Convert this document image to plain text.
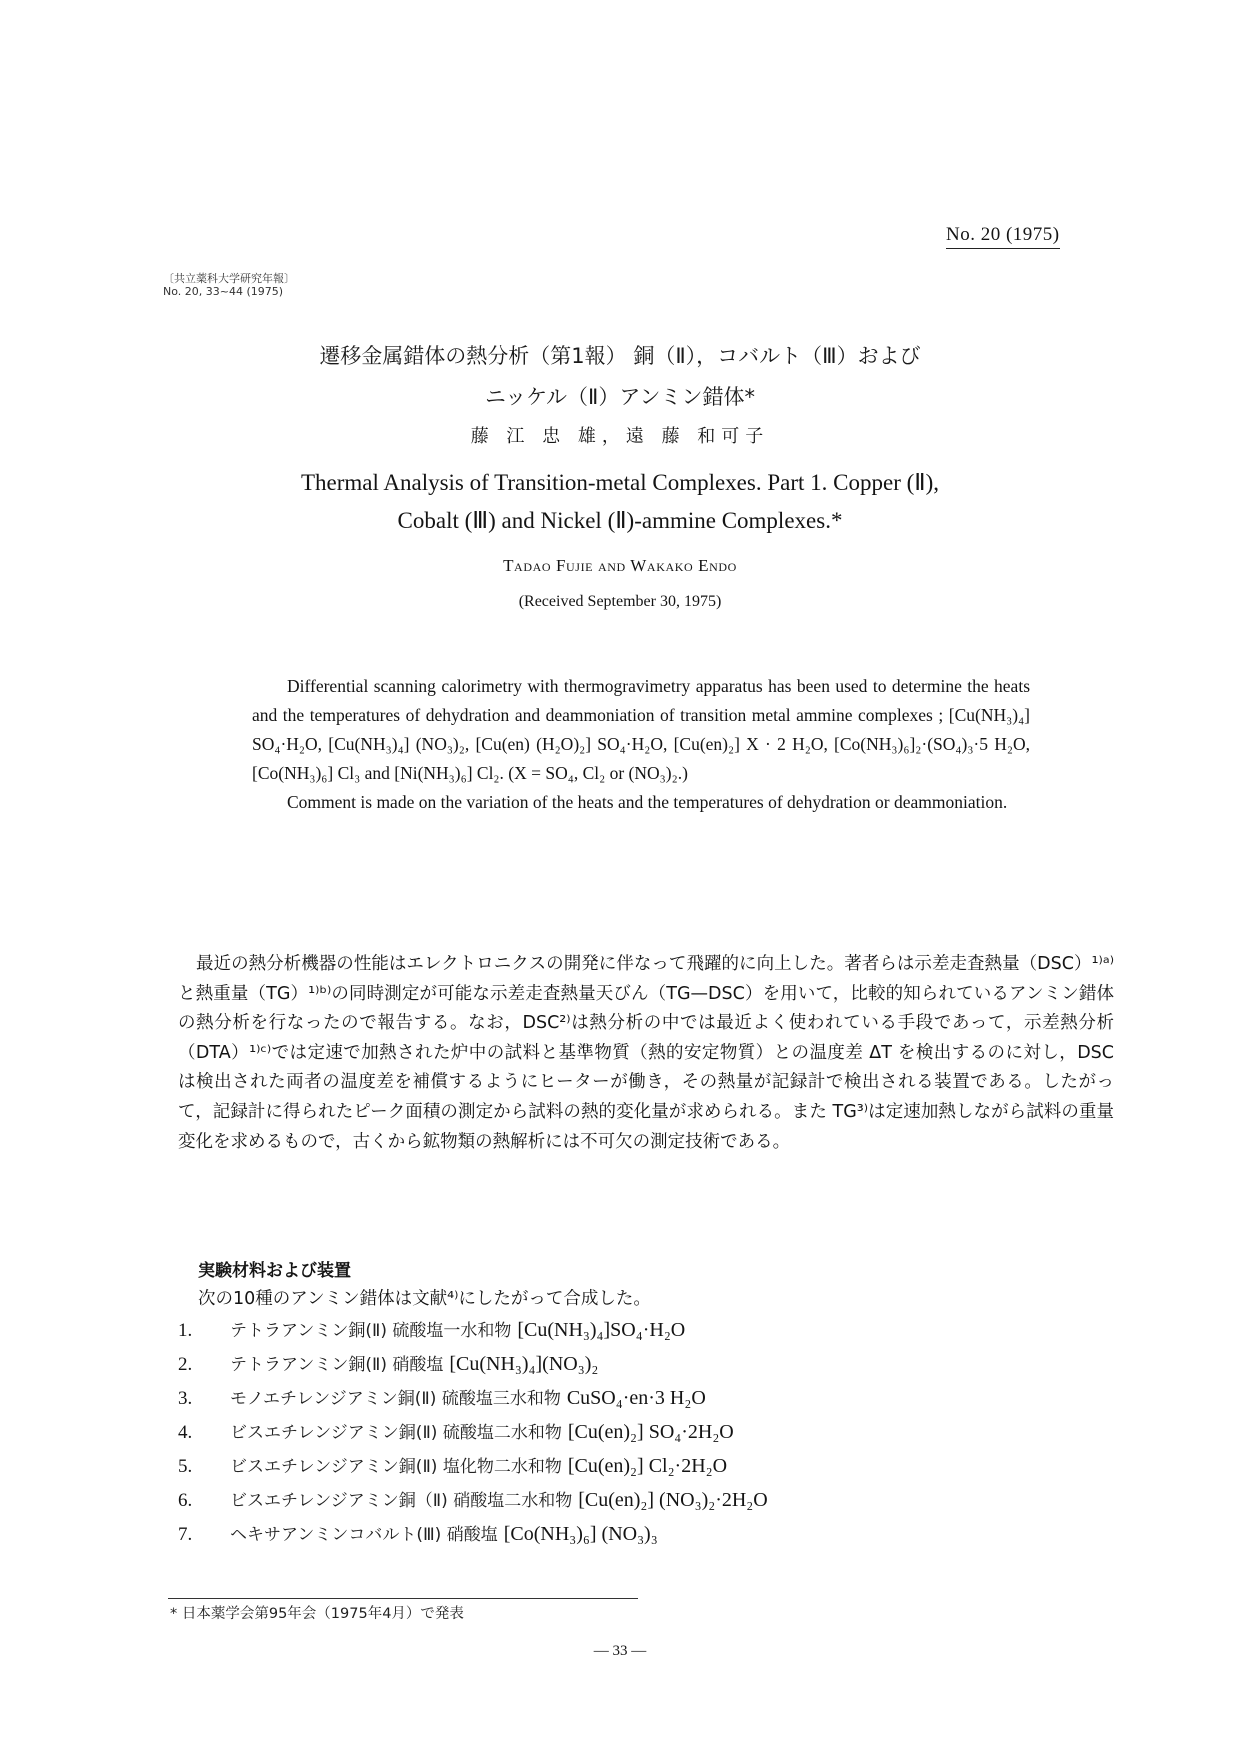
No. 20 (1975)
〔共立薬科大学研究年報〕
No. 20, 33~44 (1975)
遷移金属錯体の熱分析（第1報） 銅（Ⅱ），コバルト（Ⅲ）および
ニッケル（Ⅱ）アンミン錯体*
藤 江 忠 雄，遠 藤 和可子
Thermal Analysis of Transition-metal Complexes. Part 1. Copper (Ⅱ),
Cobalt (Ⅲ) and Nickel (Ⅱ)-ammine Complexes.*
Tadao Fujie and Wakako Endo
(Received September 30, 1975)

Differential scanning calorimetry with thermogravimetry apparatus has been used to determine the heats and the temperatures of dehydration and deammoniation of transition metal ammine complexes ; [Cu(NH₃)₄] SO₄·H₂O, [Cu(NH₃)₄] (NO₃)₂, [Cu(en) (H₂O)₂] SO₄·H₂O, [Cu(en)₂] X · 2 H₂O, [Co(NH₃)₆]₂·(SO₄)₃·5 H₂O, [Co(NH₃)₆] Cl₃ and [Ni(NH₃)₆] Cl₂. (X = SO₄, Cl₂ or (NO₃)₂.)

Comment is made on the variation of the heats and the temperatures of dehydration or deammoniation.

最近の熱分析機器の性能はエレクトロニクスの開発に伴なって飛躍的に向上した。著者らは示差走査熱量（DSC）¹⁾ᵃ⁾と熱重量（TG）¹⁾ᵇ⁾の同時測定が可能な示差走査熱量天びん（TG—DSC）を用いて，比較的知られているアンミン錯体の熱分析を行なったので報告する。なお，DSC²⁾は熱分析の中では最近よく使われている手段であって，示差熱分析（DTA）¹⁾ᶜ⁾では定速で加熱された炉中の試料と基準物質（熱的安定物質）との温度差 ΔT を検出するのに対し，DSC は検出された両者の温度差を補償するようにヒーターが働き，その熱量が記録計で検出される装置である。したがって，記録計に得られたピーク面積の測定から試料の熱的変化量が求められる。また TG³⁾は定速加熱しながら試料の重量変化を求めるもので，古くから鉱物類の熱解析には不可欠の測定技術である。

実験材料および装置
次の10種のアンミン錯体は文献⁴⁾にしたがって合成した。
1.	テトラアンミン銅(Ⅱ) 硫酸塩一水和物 [Cu(NH₃)₄]SO₄·H₂O
2.	テトラアンミン銅(Ⅱ) 硝酸塩 [Cu(NH₃)₄](NO₃)₂
3.	モノエチレンジアミン銅(Ⅱ) 硫酸塩三水和物 CuSO₄·en·3 H₂O
4.	ビスエチレンジアミン銅(Ⅱ) 硫酸塩二水和物 [Cu(en)₂] SO₄·2H₂O
5.	ビスエチレンジアミン銅(Ⅱ) 塩化物二水和物 [Cu(en)₂] Cl₂·2H₂O
6.	ビスエチレンジアミン銅（Ⅱ) 硝酸塩二水和物 [Cu(en)₂] (NO₃)₂·2H₂O
7.	ヘキサアンミンコバルト(Ⅲ) 硝酸塩 [Co(NH₃)₆] (NO₃)₃
* 日本薬学会第95年会（1975年4月）で発表
— 33 —
